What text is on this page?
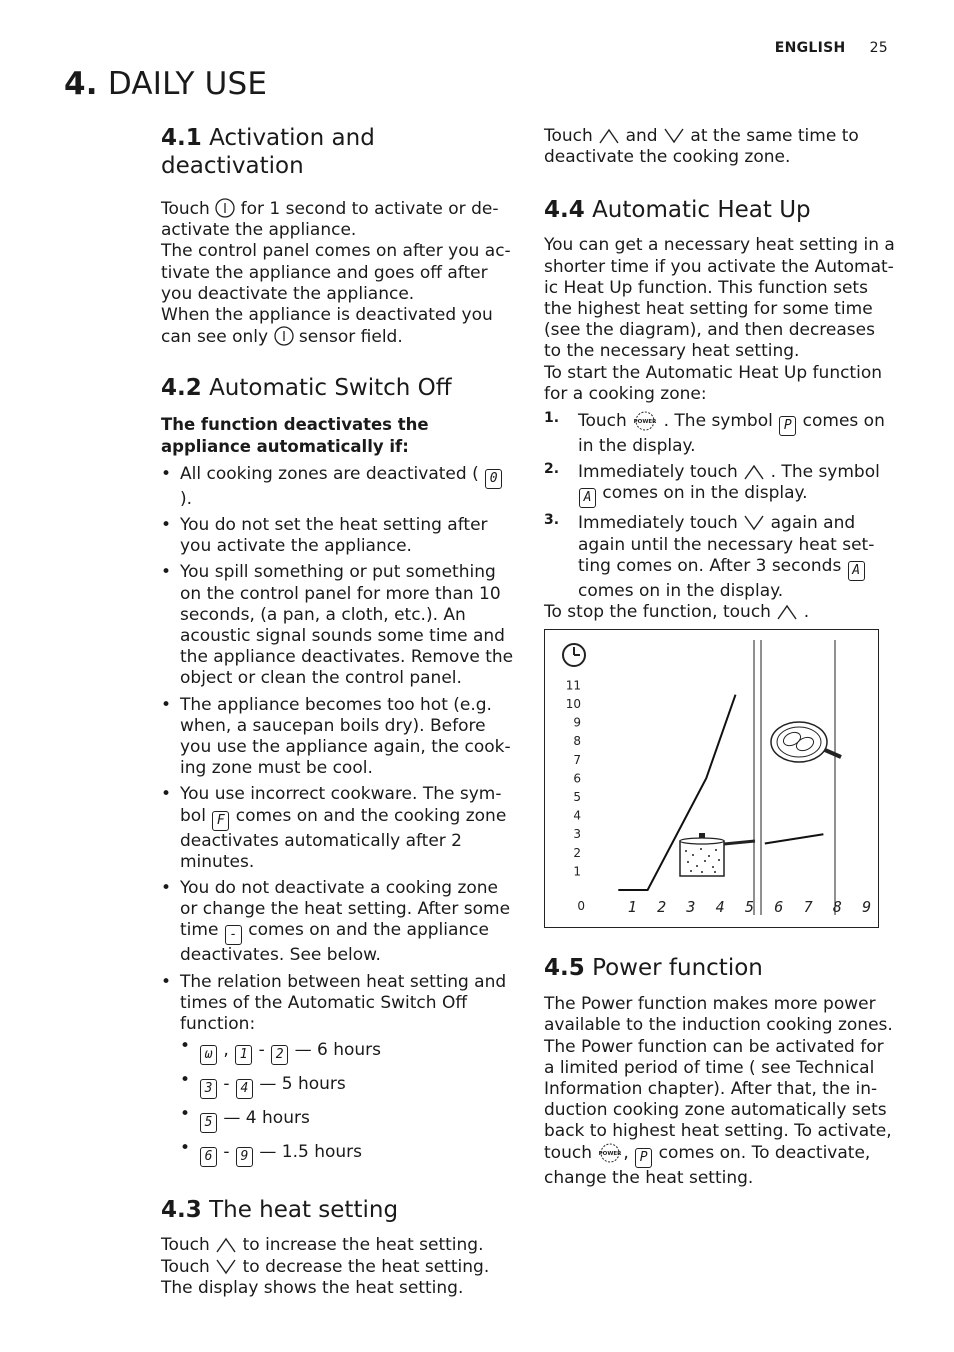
ENGLISH 25
4. DAILY USE
4.1 Activation and
deactivation

Touch for 1 second to activate or de-activate the appliance.

The control panel comes on after you ac-tivate the appliance and goes off after you deactivate the appliance.

When the appliance is deactivated you can see only sensor field.

4.2 Automatic Switch Off

The function deactivates the appliance automatically if:

• All cooking zones are deactivated ( 0
).
• You do not set the heat setting after you activate the appliance.
• You spill something or put something on the control panel for more than 10 seconds, (a pan, a cloth, etc.). An acoustic signal sounds some time and the appliance deactivates. Remove the object or clean the control panel.
• The appliance becomes too hot (e.g. when, a saucepan boils dry). Before you use the appliance again, the cook-ing zone must be cool.
• You use incorrect cookware. The sym-bol F comes on and the cooking zone deactivates automatically after 2 minutes.
• You do not deactivate a cooking zone or change the heat setting. After some time - comes on and the appliance deactivates. See below.
• The relation between heat setting and times of the Automatic Switch Off function:
• ω , 1 - 2 — 6 hours
• 3 - 4 — 5 hours
• 5 — 4 hours
• 6 - 9 — 1.5 hours
4.3 The heat setting

Touch to increase the heat setting.

Touch to decrease the heat setting.

The display shows the heat setting.

Touch and at the same time to deactivate the cooking zone.

4.4 Automatic Heat Up

You can get a necessary heat setting in a shorter time if you activate the Automat-ic Heat Up function. This function sets the highest heat setting for some time (see the diagram), and then decreases to the necessary heat setting.

To start the Automatic Heat Up function for a cooking zone:

1. Touch POWER . The symbol P comes on in the display.
2. Immediately touch . The symbol
A comes on in the display.
3. Immediately touch again and again until the necessary heat set-ting comes on. After 3 seconds A comes on in the display.

To stop the function, touch .

0
1
2
3
4
5
6
7
8
9
10
11
1 2 3 4 5 6 7 8 9
4.5 Power function

The Power function makes more power available to the induction cooking zones. The Power function can be activated for a limited period of time ( see Technical Information chapter). After that, the in-duction cooking zone automatically sets back to highest heat setting. To activate,

touch POWER , P comes on. To deactivate, change the heat setting.
